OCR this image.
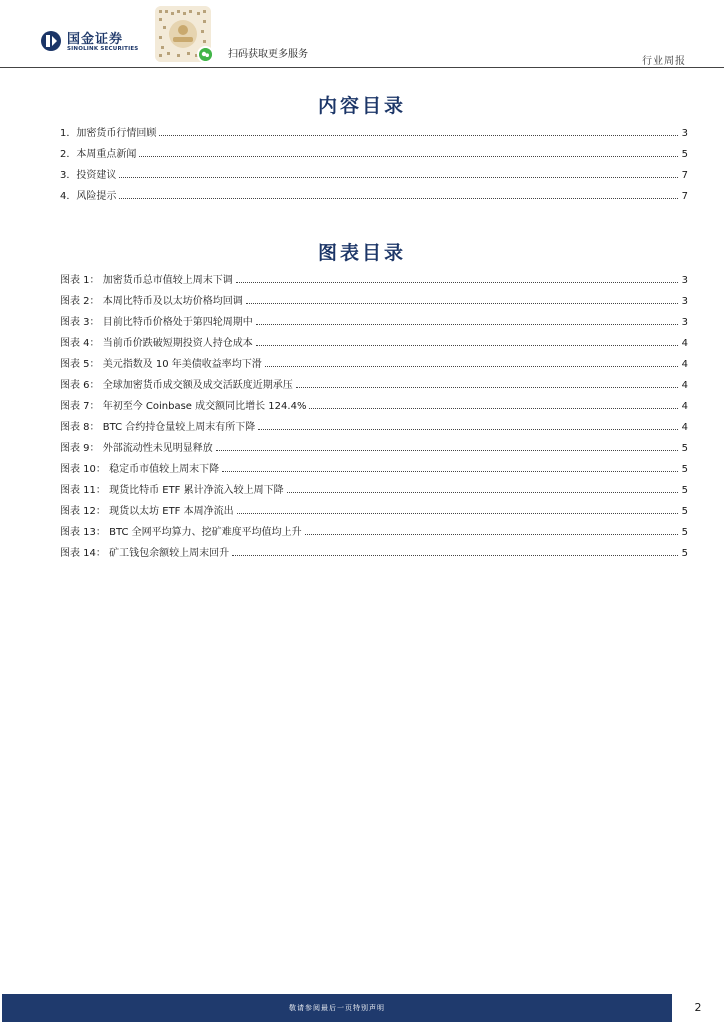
国金证券
SINOLINK SECURITIES	扫码获取更多服务
行业周报
内容目录
1．加密货币行情回顾	3
2．本周重点新闻	5
3．投资建议	7
4．风险提示	7
图表目录
图表 1： 加密货币总市值较上周末下调	3
图表 2： 本周比特币及以太坊价格均回调	3
图表 3： 目前比特币价格处于第四轮周期中	3
图表 4： 当前币价跌破短期投资人持仓成本	4
图表 5： 美元指数及 10 年美债收益率均下滑	4
图表 6： 全球加密货币成交额及成交活跃度近期承压	4
图表 7： 年初至今 Coinbase 成交额同比增长 124.4%	4
图表 8： BTC 合约持仓量较上周末有所下降	4
图表 9： 外部流动性未见明显释放	5
图表 10： 稳定币市值较上周末下降	5
图表 11： 现货比特币 ETF 累计净流入较上周下降	5
图表 12： 现货以太坊 ETF 本周净流出	5
图表 13： BTC 全网平均算力、挖矿难度平均值均上升	5
图表 14： 矿工钱包余额较上周末回升	5
敬请参阅最后一页特别声明	2
